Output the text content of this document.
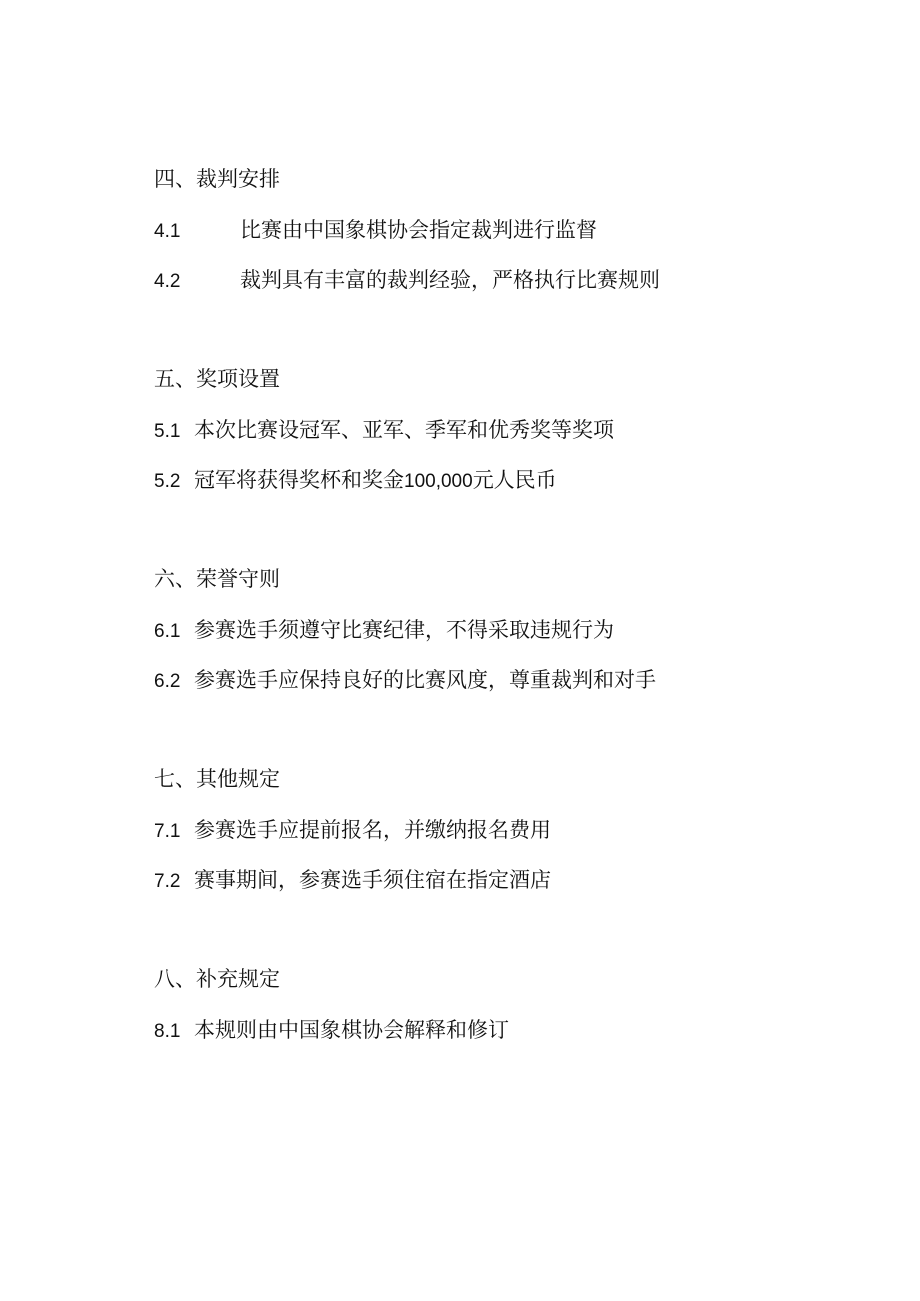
四、裁判安排
4.1	比赛由中国象棋协会指定裁判进行监督
4.2	裁判具有丰富的裁判经验，严格执行比赛规则
五、奖项设置
5.1 本次比赛设冠军、亚军、季军和优秀奖等奖项
5.2 冠军将获得奖杯和奖金100,000元人民币
六、荣誉守则
6.1 参赛选手须遵守比赛纪律，不得采取违规行为
6.2 参赛选手应保持良好的比赛风度，尊重裁判和对手
七、其他规定
7.1 参赛选手应提前报名，并缴纳报名费用
7.2 赛事期间，参赛选手须住宿在指定酒店
八、补充规定
8.1 本规则由中国象棋协会解释和修订
